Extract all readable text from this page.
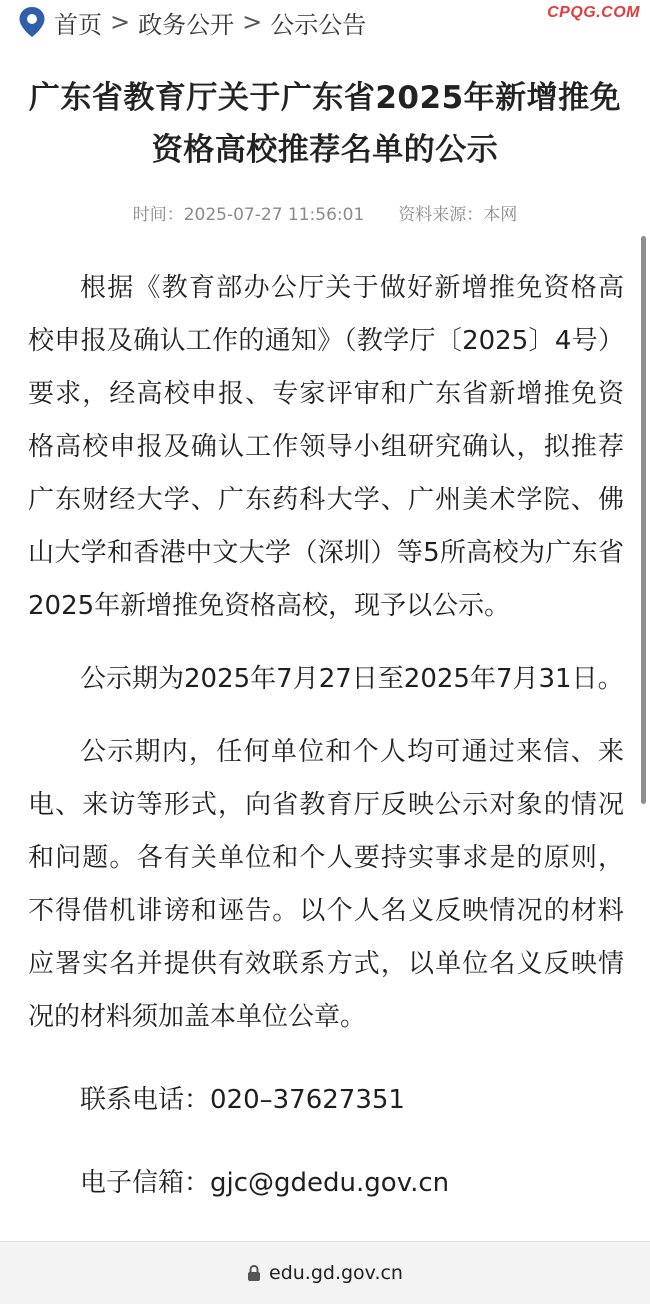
首页 > 政务公开 > 公示公告	CPQG.COM
广东省教育厅关于广东省2025年新增推免资格高校推荐名单的公示
时间：2025-07-27 11:56:01 资料来源：本网

根据《教育部办公厅关于做好新增推免资格高校申报及确认工作的通知》（教学厅〔2025〕4号）要求，经高校申报、专家评审和广东省新增推免资格高校申报及确认工作领导小组研究确认，拟推荐广东财经大学、广东药科大学、广州美术学院、佛山大学和香港中文大学（深圳）等5所高校为广东省2025年新增推免资格高校，现予以公示。

公示期为2025年7月27日至2025年7月31日。

公示期内，任何单位和个人均可通过来信、来电、来访等形式，向省教育厅反映公示对象的情况和问题。各有关单位和个人要持实事求是的原则，不得借机诽谤和诬告。以个人名义反映情况的材料应署实名并提供有效联系方式，以单位名义反映情况的材料须加盖本单位公章。

联系电话：020–37627351

电子信箱：gjc@gdedu.gov.cn

edu.gd.gov.cn
